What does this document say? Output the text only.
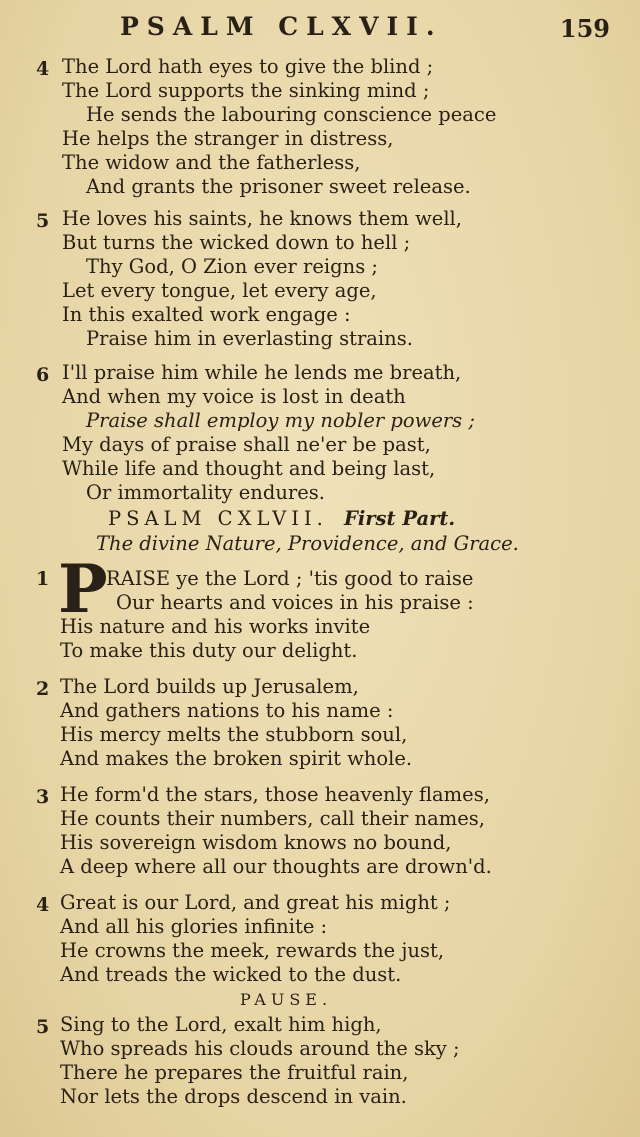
PSALM CLXVII.	159
4 The Lord hath eyes to give the blind ;
The Lord supports the sinking mind ;
He sends the labouring conscience peace
He helps the stranger in distress,
The widow and the fatherless,
And grants the prisoner sweet release.
5 He loves his saints, he knows them well,
But turns the wicked down to hell ;
Thy God, O Zion ever reigns ;
Let every tongue, let every age,
In this exalted work engage :
Praise him in everlasting strains.
6 I'll praise him while he lends me breath,
And when my voice is lost in death
Praise shall employ my nobler powers ;
My days of praise shall ne'er be past,
While life and thought and being last,
Or immortality endures.
PSALM CXLVII. First Part.
The divine Nature, Providence, and Grace.
P
1	RAISE ye the Lord ; 'tis good to raise
Our hearts and voices in his praise :
His nature and his works invite
To make this duty our delight.
2 The Lord builds up Jerusalem,
And gathers nations to his name :
His mercy melts the stubborn soul,
And makes the broken spirit whole.
3 He form'd the stars, those heavenly flames,
He counts their numbers, call their names,
His sovereign wisdom knows no bound,
A deep where all our thoughts are drown'd.
4 Great is our Lord, and great his might ;
And all his glories infinite :
He crowns the meek, rewards the just,
And treads the wicked to the dust.
PAUSE.
5 Sing to the Lord, exalt him high,
Who spreads his clouds around the sky ;
There he prepares the fruitful rain,
Nor lets the drops descend in vain.
